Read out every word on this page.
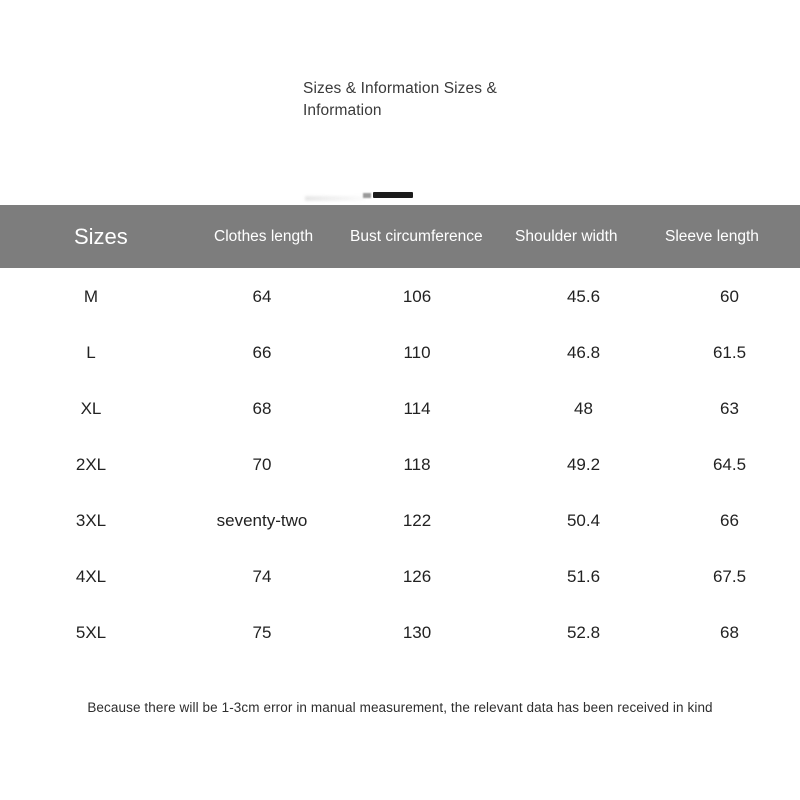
Sizes & Information Sizes & Information
Sizes	Clothes length	Bust circumference	Shoulder width	Sleeve length
M	64	106	45.6	60
L	66	110	46.8	61.5
XL	68	114	48	63
2XL	70	118	49.2	64.5
3XL	seventy-two	122	50.4	66
4XL	74	126	51.6	67.5
5XL	75	130	52.8	68
Because there will be 1-3cm error in manual measurement, the relevant data has been received in kind
